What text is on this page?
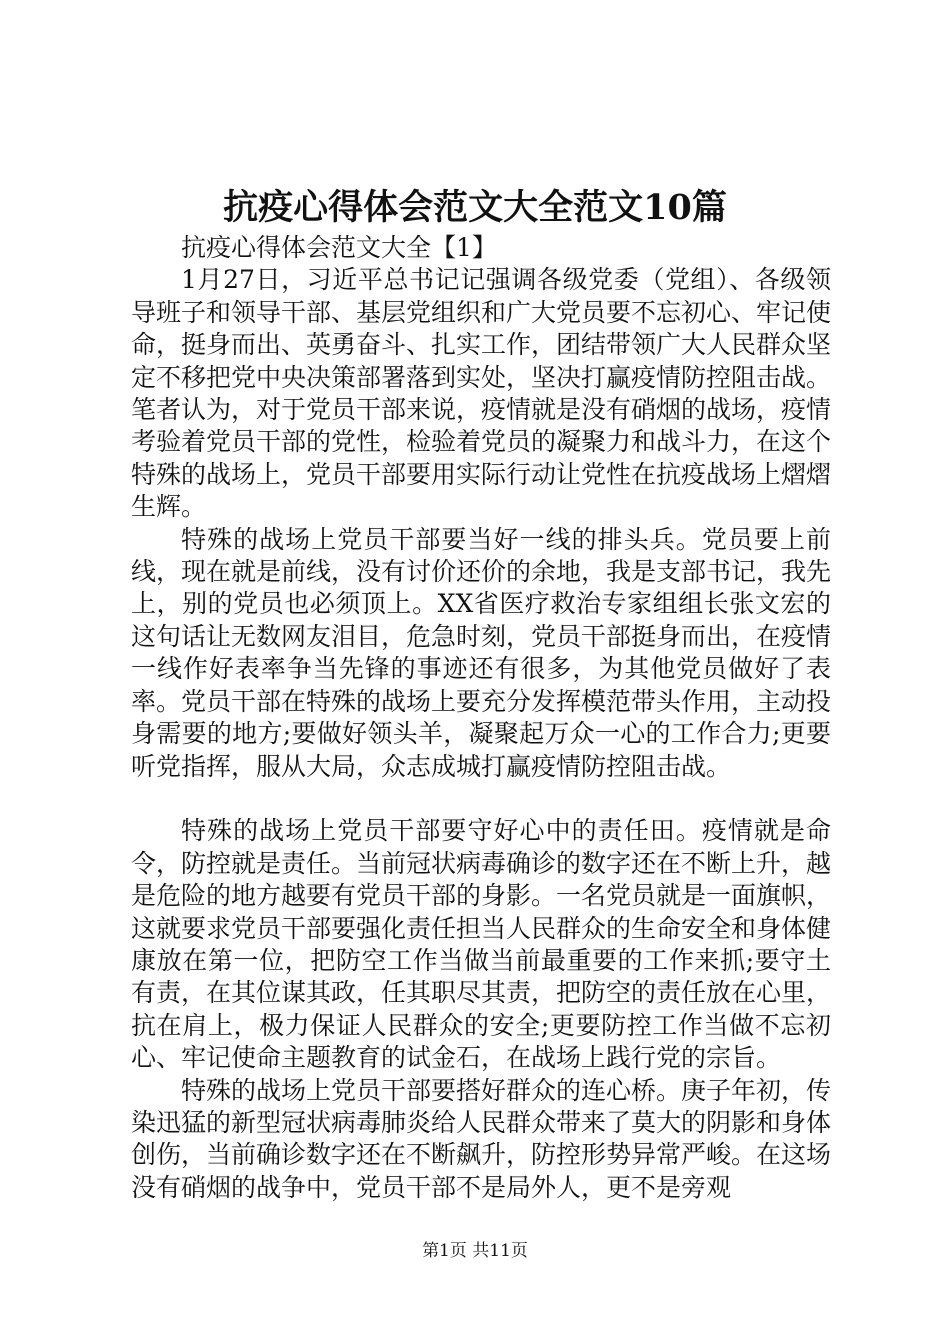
抗疫心得体会范文大全范文10篇

抗疫心得体会范文大全【1】

1月27日，习近平总书记记强调各级党委（党组）、各级领导班子和领导干部、基层党组织和广大党员要不忘初心、牢记使命，挺身而出、英勇奋斗、扎实工作，团结带领广大人民群众坚定不移把党中央决策部署落到实处，坚决打赢疫情防控阻击战。笔者认为，对于党员干部来说，疫情就是没有硝烟的战场，疫情考验着党员干部的党性，检验着党员的凝聚力和战斗力，在这个特殊的战场上，党员干部要用实际行动让党性在抗疫战场上熠熠生辉。

特殊的战场上党员干部要当好一线的排头兵。党员要上前线，现在就是前线，没有讨价还价的余地，我是支部书记，我先上，别的党员也必须顶上。XX省医疗救治专家组组长张文宏的这句话让无数网友泪目，危急时刻，党员干部挺身而出，在疫情一线作好表率争当先锋的事迹还有很多，为其他党员做好了表率。党员干部在特殊的战场上要充分发挥模范带头作用，主动投身需要的地方;要做好领头羊，凝聚起万众一心的工作合力;更要听党指挥，服从大局，众志成城打赢疫情防控阻击战。

特殊的战场上党员干部要守好心中的责任田。疫情就是命令，防控就是责任。当前冠状病毒确诊的数字还在不断上升，越是危险的地方越要有党员干部的身影。一名党员就是一面旗帜，这就要求党员干部要强化责任担当人民群众的生命安全和身体健康放在第一位，把防空工作当做当前最重要的工作来抓;要守土有责，在其位谋其政，任其职尽其责，把防空的责任放在心里，抗在肩上，极力保证人民群众的安全;更要防控工作当做不忘初心、牢记使命主题教育的试金石，在战场上践行党的宗旨。

特殊的战场上党员干部要搭好群众的连心桥。庚子年初，传染迅猛的新型冠状病毒肺炎给人民群众带来了莫大的阴影和身体创伤，当前确诊数字还在不断飙升，防控形势异常严峻。在这场没有硝烟的战争中，党员干部不是局外人，更不是旁观

第1页 共11页
